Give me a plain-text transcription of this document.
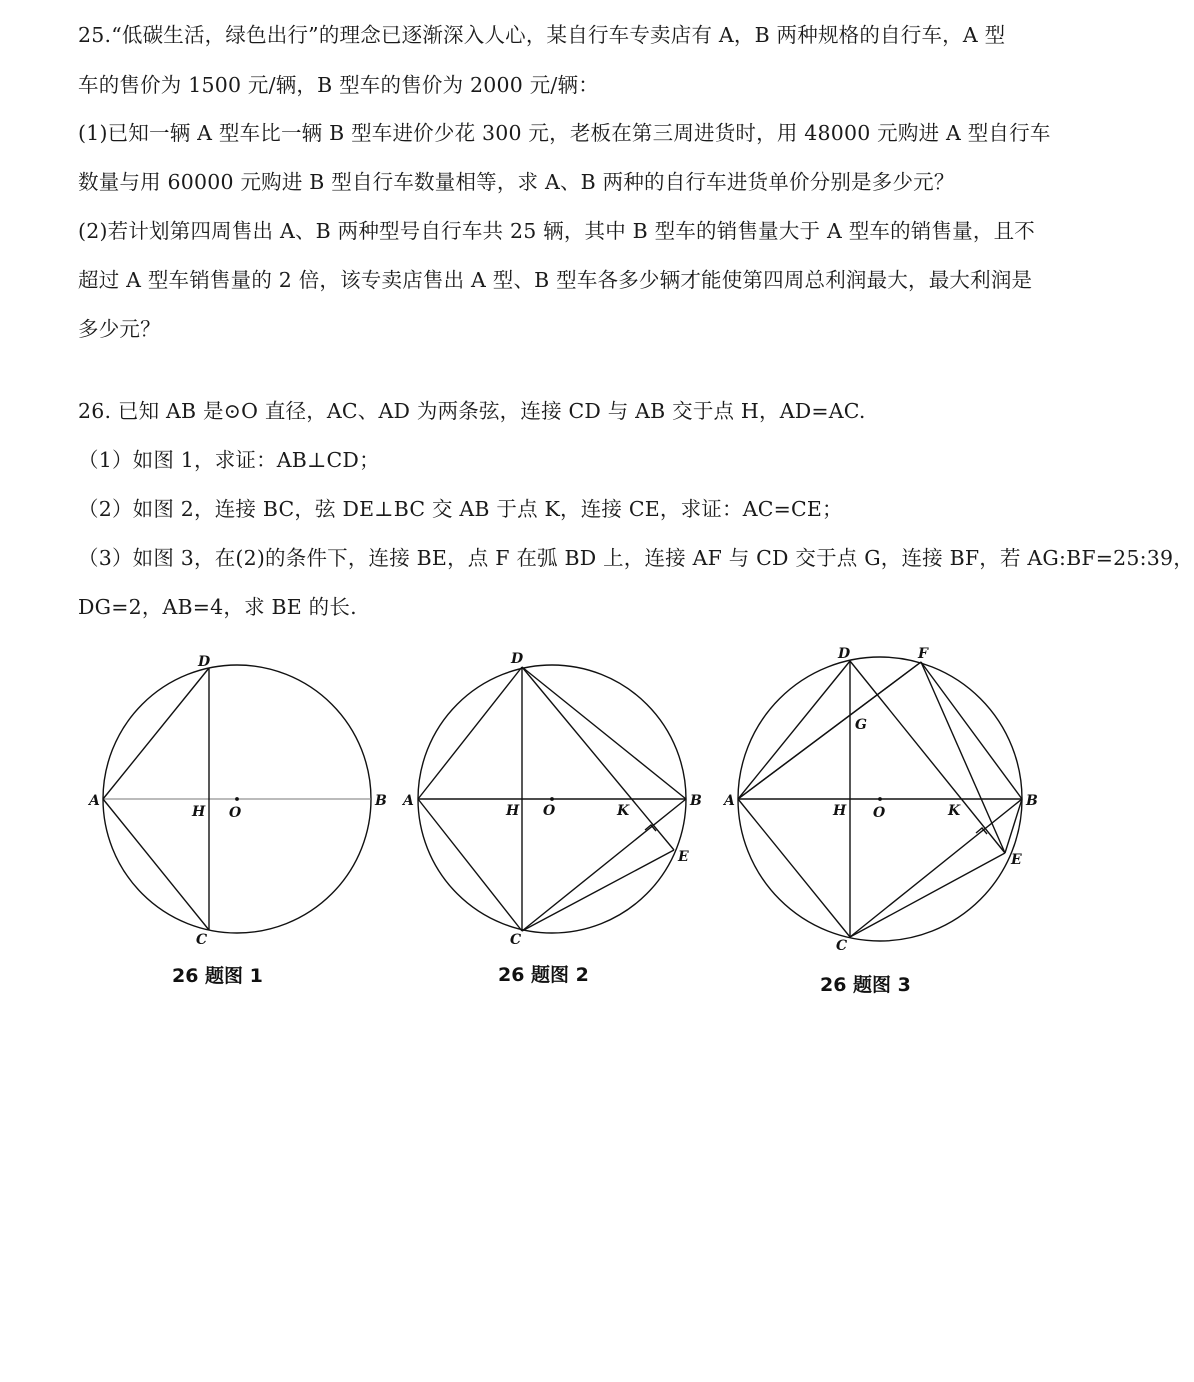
25.“低碳生活，绿色出行”的理念已逐渐深入人心，某自行车专卖店有 A，B 两种规格的自行车，A 型
车的售价为 1500 元/辆，B 型车的售价为 2000 元/辆：
(1)已知一辆 A 型车比一辆 B 型车进价少花 300 元，老板在第三周进货时，用 48000 元购进 A 型自行车
数量与用 60000 元购进 B 型自行车数量相等，求 A、B 两种的自行车进货单价分别是多少元？
(2)若计划第四周售出 A、B 两种型号自行车共 25 辆，其中 B 型车的销售量大于 A 型车的销售量，且不
超过 A 型车销售量的 2 倍，该专卖店售出 A 型、B 型车各多少辆才能使第四周总利润最大，最大利润是
多少元？
26. 已知 AB 是⊙O 直径，AC、AD 为两条弦，连接 CD 与 AB 交于点 H，AD=AC.
（1）如图 1，求证：AB⊥CD；
（2）如图 2，连接 BC，弦 DE⊥BC 交 AB 于点 K，连接 CE，求证：AC=CE；
（3）如图 3，在(2)的条件下，连接 BE，点 F 在弧 BD 上，连接 AF 与 CD 交于点 G，连接 BF，若 AG:BF=25:39，
DG=2，AB=4，求 BE 的长.
D
A	B
H O
C
D
A	B
H O	K
E
C
D	F
G
A	B
H O	K
E
C
26 题图 1	26 题图 2	26 题图 3
